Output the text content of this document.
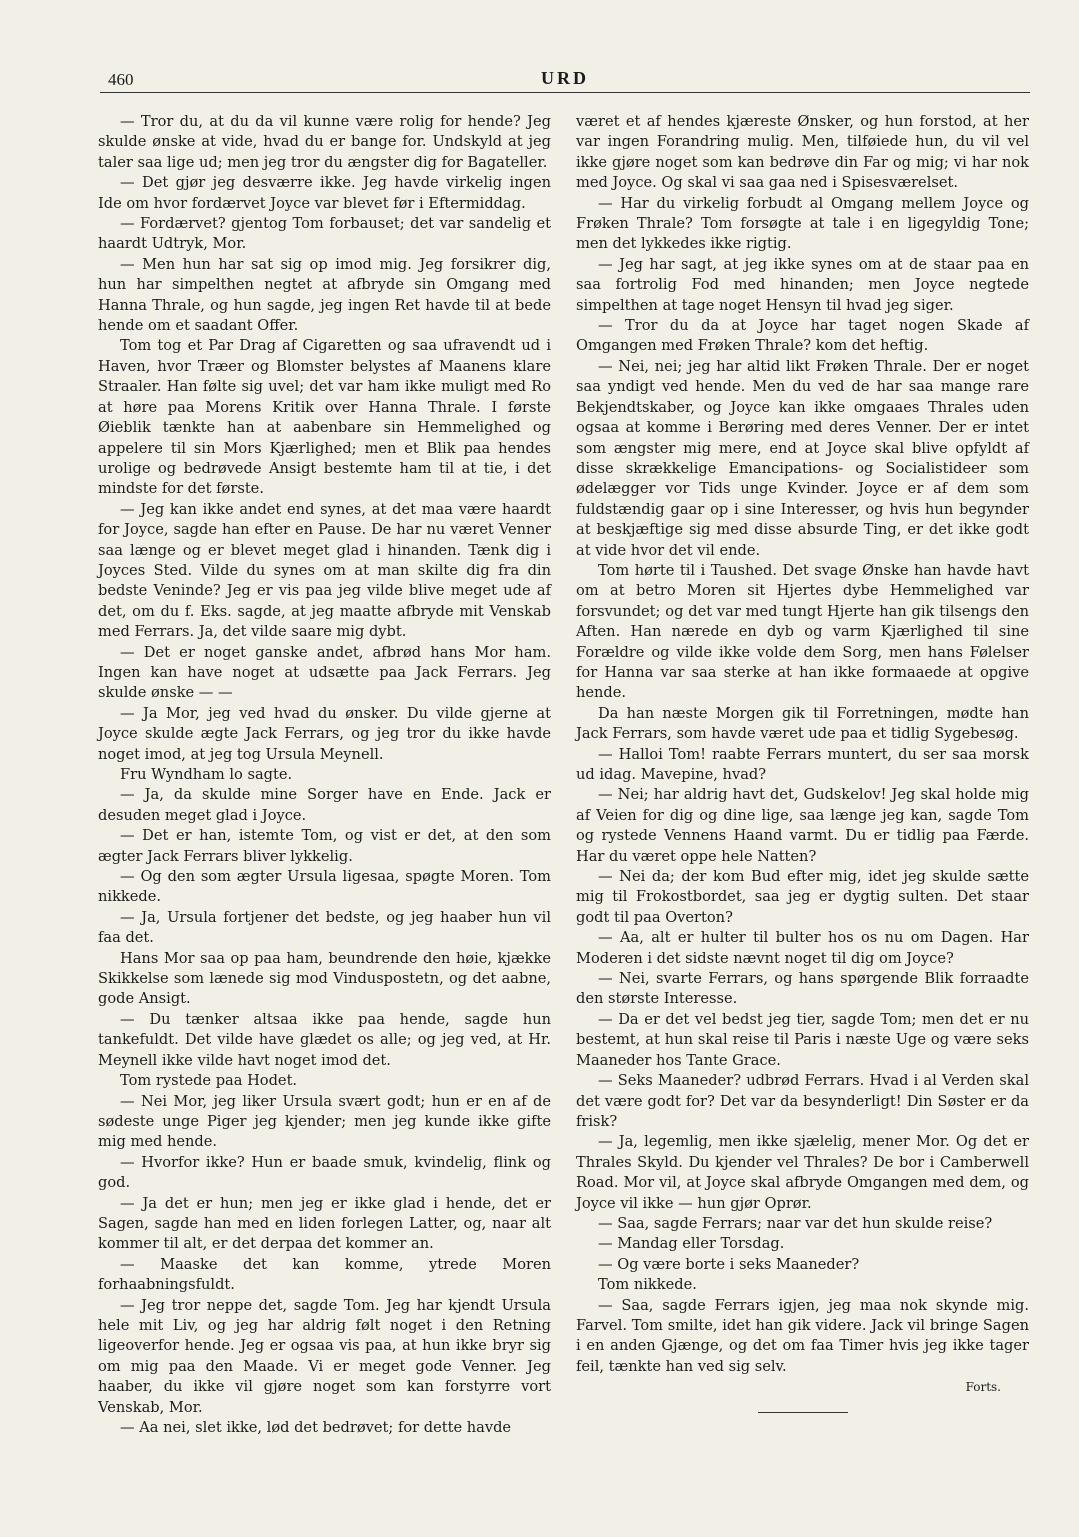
460	URD

— Tror du, at du da vil kunne være rolig for hende? Jeg skulde ønske at vide, hvad du er bange for. Undskyld at jeg taler saa lige ud; men jeg tror du ængster dig for Bagateller.

— Det gjør jeg desværre ikke. Jeg havde virkelig ingen Ide om hvor fordærvet Joyce var blevet før i Eftermiddag.

— Fordærvet? gjentog Tom forbauset; det var sandelig et haardt Udtryk, Mor.

— Men hun har sat sig op imod mig. Jeg forsikrer dig, hun har simpelthen negtet at afbryde sin Omgang med Hanna Thrale, og hun sagde, jeg ingen Ret havde til at bede hende om et saadant Offer.

Tom tog et Par Drag af Cigaretten og saa ufravendt ud i Haven, hvor Træer og Blomster belystes af Maanens klare Straaler. Han følte sig uvel; det var ham ikke muligt med Ro at høre paa Morens Kritik over Hanna Thrale. I første Øieblik tænkte han at aabenbare sin Hemmelighed og appelere til sin Mors Kjærlighed; men et Blik paa hendes urolige og bedrøvede Ansigt bestemte ham til at tie, i det mindste for det første.

— Jeg kan ikke andet end synes, at det maa være haardt for Joyce, sagde han efter en Pause. De har nu været Venner saa længe og er blevet meget glad i hinanden. Tænk dig i Joyces Sted. Vilde du synes om at man skilte dig fra din bedste Veninde? Jeg er vis paa jeg vilde blive meget ude af det, om du f. Eks. sagde, at jeg maatte afbryde mit Venskab med Ferrars. Ja, det vilde saare mig dybt.

— Det er noget ganske andet, afbrød hans Mor ham. Ingen kan have noget at udsætte paa Jack Ferrars. Jeg skulde ønske — —

— Ja Mor, jeg ved hvad du ønsker. Du vilde gjerne at Joyce skulde ægte Jack Ferrars, og jeg tror du ikke havde noget imod, at jeg tog Ursula Meynell.

Fru Wyndham lo sagte.

— Ja, da skulde mine Sorger have en Ende. Jack er desuden meget glad i Joyce.

— Det er han, istemte Tom, og vist er det, at den som ægter Jack Ferrars bliver lykkelig.

— Og den som ægter Ursula ligesaa, spøgte Moren. Tom nikkede.

— Ja, Ursula fortjener det bedste, og jeg haaber hun vil faa det.

Hans Mor saa op paa ham, beundrende den høie, kjække Skikkelse som lænede sig mod Vinduspostetn, og det aabne, gode Ansigt.

— Du tænker altsaa ikke paa hende, sagde hun tankefuldt. Det vilde have glædet os alle; og jeg ved, at Hr. Meynell ikke vilde havt noget imod det.

Tom rystede paa Hodet.

— Nei Mor, jeg liker Ursula svært godt; hun er en af de sødeste unge Piger jeg kjender; men jeg kunde ikke gifte mig med hende.

— Hvorfor ikke? Hun er baade smuk, kvindelig, flink og god.

— Ja det er hun; men jeg er ikke glad i hende, det er Sagen, sagde han med en liden forlegen Latter, og, naar alt kommer til alt, er det derpaa det kommer an.

— Maaske det kan komme, ytrede Moren forhaabningsfuldt.

— Jeg tror neppe det, sagde Tom. Jeg har kjendt Ursula hele mit Liv, og jeg har aldrig følt noget i den Retning ligeoverfor hende. Jeg er ogsaa vis paa, at hun ikke bryr sig om mig paa den Maade. Vi er meget gode Venner. Jeg haaber, du ikke vil gjøre noget som kan forstyrre vort Venskab, Mor.

— Aa nei, slet ikke, lød det bedrøvet; for dette havde

været et af hendes kjæreste Ønsker, og hun forstod, at her var ingen Forandring mulig. Men, tilføiede hun, du vil vel ikke gjøre noget som kan bedrøve din Far og mig; vi har nok med Joyce. Og skal vi saa gaa ned i Spisesværelset.

— Har du virkelig forbudt al Omgang mellem Joyce og Frøken Thrale? Tom forsøgte at tale i en ligegyldig Tone; men det lykkedes ikke rigtig.

— Jeg har sagt, at jeg ikke synes om at de staar paa en saa fortrolig Fod med hinanden; men Joyce negtede simpelthen at tage noget Hensyn til hvad jeg siger.

— Tror du da at Joyce har taget nogen Skade af Omgangen med Frøken Thrale? kom det heftig.

— Nei, nei; jeg har altid likt Frøken Thrale. Der er noget saa yndigt ved hende. Men du ved de har saa mange rare Bekjendtskaber, og Joyce kan ikke omgaaes Thrales uden ogsaa at komme i Berøring med deres Venner. Der er intet som ængster mig mere, end at Joyce skal blive opfyldt af disse skrækkelige Emancipations- og Socialistideer som ødelægger vor Tids unge Kvinder. Joyce er af dem som fuldstændig gaar op i sine Interesser, og hvis hun begynder at beskjæftige sig med disse absurde Ting, er det ikke godt at vide hvor det vil ende.

Tom hørte til i Taushed. Det svage Ønske han havde havt om at betro Moren sit Hjertes dybe Hemmelighed var forsvundet; og det var med tungt Hjerte han gik tilsengs den Aften. Han nærede en dyb og varm Kjærlighed til sine Forældre og vilde ikke volde dem Sorg, men hans Følelser for Hanna var saa sterke at han ikke formaaede at opgive hende.

Da han næste Morgen gik til Forretningen, mødte han Jack Ferrars, som havde været ude paa et tidlig Sygebesøg.

— Halloi Tom! raabte Ferrars muntert, du ser saa morsk ud idag. Mavepine, hvad?

— Nei; har aldrig havt det, Gudskelov! Jeg skal holde mig af Veien for dig og dine lige, saa længe jeg kan, sagde Tom og rystede Vennens Haand varmt. Du er tidlig paa Færde. Har du været oppe hele Natten?

— Nei da; der kom Bud efter mig, idet jeg skulde sætte mig til Frokostbordet, saa jeg er dygtig sulten. Det staar godt til paa Overton?

— Aa, alt er hulter til bulter hos os nu om Dagen. Har Moderen i det sidste nævnt noget til dig om Joyce?

— Nei, svarte Ferrars, og hans spørgende Blik forraadte den største Interesse.

— Da er det vel bedst jeg tier, sagde Tom; men det er nu bestemt, at hun skal reise til Paris i næste Uge og være seks Maaneder hos Tante Grace.

— Seks Maaneder? udbrød Ferrars. Hvad i al Verden skal det være godt for? Det var da besynderligt! Din Søster er da frisk?

— Ja, legemlig, men ikke sjælelig, mener Mor. Og det er Thrales Skyld. Du kjender vel Thrales? De bor i Camberwell Road. Mor vil, at Joyce skal afbryde Omgangen med dem, og Joyce vil ikke — hun gjør Oprør.

— Saa, sagde Ferrars; naar var det hun skulde reise?

— Mandag eller Torsdag.

— Og være borte i seks Maaneder?

Tom nikkede.

— Saa, sagde Ferrars igjen, jeg maa nok skynde mig. Farvel. Tom smilte, idet han gik videre. Jack vil bringe Sagen i en anden Gjænge, og det om faa Timer hvis jeg ikke tager feil, tænkte han ved sig selv.

Forts.
